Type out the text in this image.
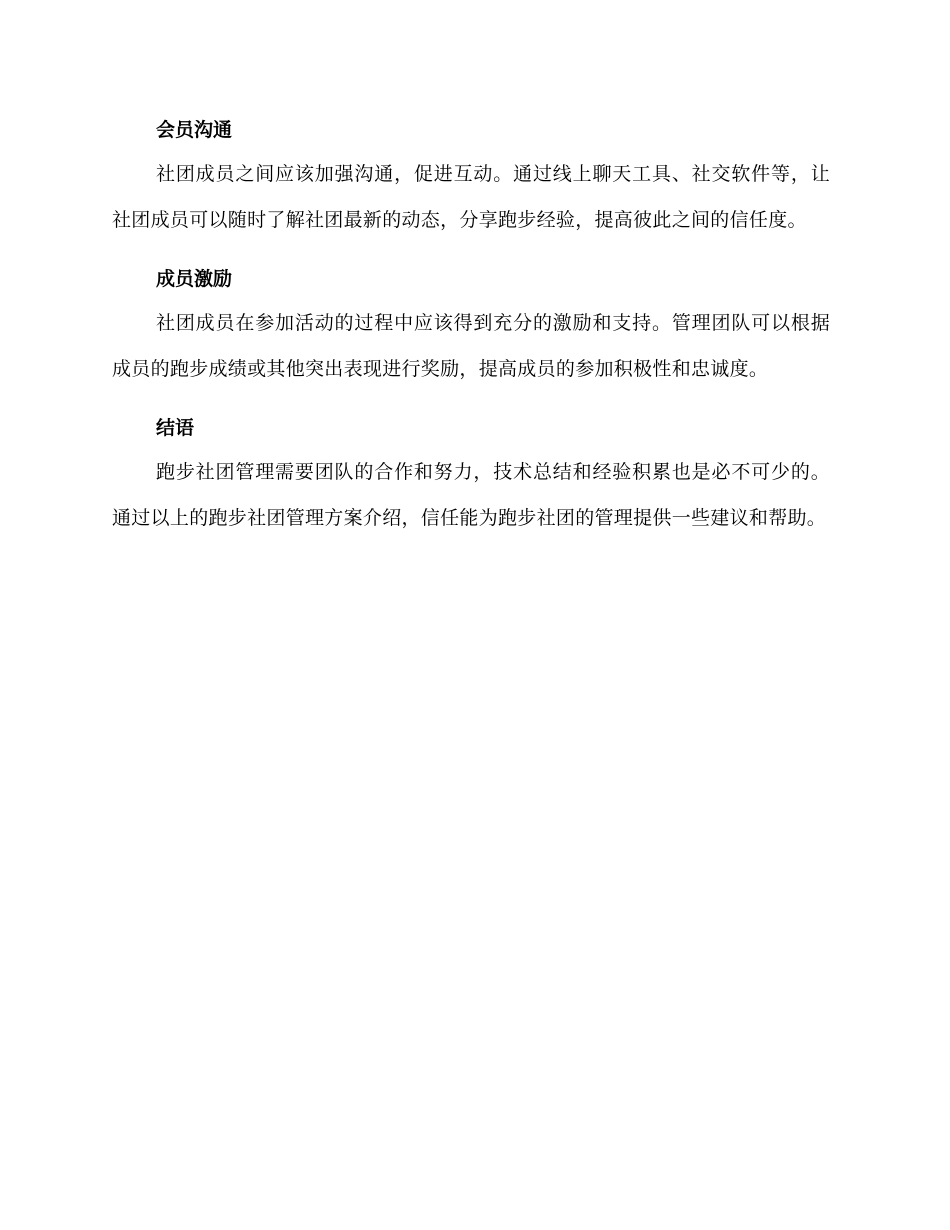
会员沟通

社团成员之间应该加强沟通，促进互动。通过线上聊天工具、社交软件等，让社团成员可以随时了解社团最新的动态，分享跑步经验，提高彼此之间的信任度。

成员激励

社团成员在参加活动的过程中应该得到充分的激励和支持。管理团队可以根据成员的跑步成绩或其他突出表现进行奖励，提高成员的参加积极性和忠诚度。

结语

跑步社团管理需要团队的合作和努力，技术总结和经验积累也是必不可少的。通过以上的跑步社团管理方案介绍，信任能为跑步社团的管理提供一些建议和帮助。
